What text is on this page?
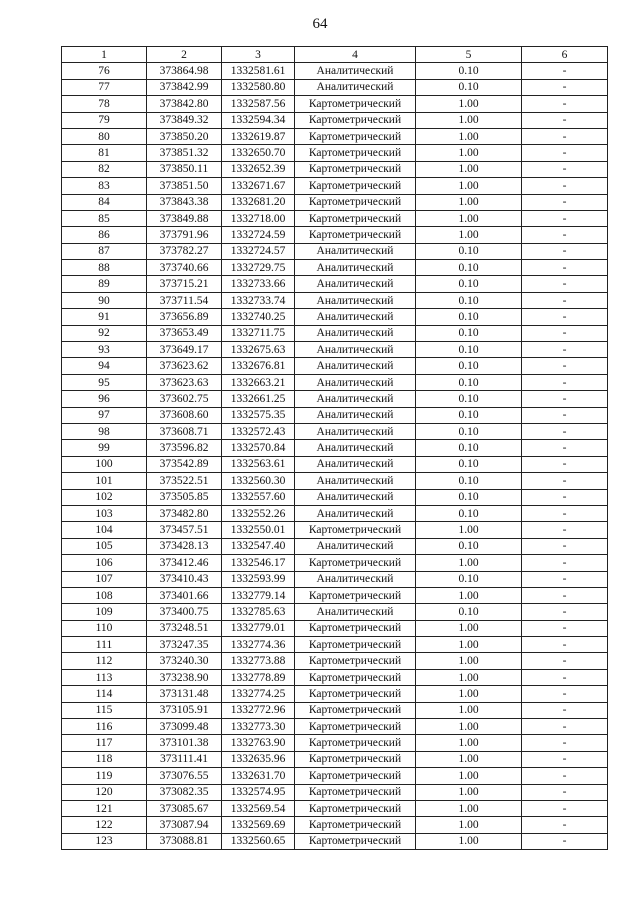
64
1	2	3	4	5	6
76	373864.98	1332581.61	Аналитический	0.10	-
77	373842.99	1332580.80	Аналитический	0.10	-
78	373842.80	1332587.56	Картометрический	1.00	-
79	373849.32	1332594.34	Картометрический	1.00	-
80	373850.20	1332619.87	Картометрический	1.00	-
81	373851.32	1332650.70	Картометрический	1.00	-
82	373850.11	1332652.39	Картометрический	1.00	-
83	373851.50	1332671.67	Картометрический	1.00	-
84	373843.38	1332681.20	Картометрический	1.00	-
85	373849.88	1332718.00	Картометрический	1.00	-
86	373791.96	1332724.59	Картометрический	1.00	-
87	373782.27	1332724.57	Аналитический	0.10	-
88	373740.66	1332729.75	Аналитический	0.10	-
89	373715.21	1332733.66	Аналитический	0.10	-
90	373711.54	1332733.74	Аналитический	0.10	-
91	373656.89	1332740.25	Аналитический	0.10	-
92	373653.49	1332711.75	Аналитический	0.10	-
93	373649.17	1332675.63	Аналитический	0.10	-
94	373623.62	1332676.81	Аналитический	0.10	-
95	373623.63	1332663.21	Аналитический	0.10	-
96	373602.75	1332661.25	Аналитический	0.10	-
97	373608.60	1332575.35	Аналитический	0.10	-
98	373608.71	1332572.43	Аналитический	0.10	-
99	373596.82	1332570.84	Аналитический	0.10	-
100	373542.89	1332563.61	Аналитический	0.10	-
101	373522.51	1332560.30	Аналитический	0.10	-
102	373505.85	1332557.60	Аналитический	0.10	-
103	373482.80	1332552.26	Аналитический	0.10	-
104	373457.51	1332550.01	Картометрический	1.00	-
105	373428.13	1332547.40	Аналитический	0.10	-
106	373412.46	1332546.17	Картометрический	1.00	-
107	373410.43	1332593.99	Аналитический	0.10	-
108	373401.66	1332779.14	Картометрический	1.00	-
109	373400.75	1332785.63	Аналитический	0.10	-
110	373248.51	1332779.01	Картометрический	1.00	-
111	373247.35	1332774.36	Картометрический	1.00	-
112	373240.30	1332773.88	Картометрический	1.00	-
113	373238.90	1332778.89	Картометрический	1.00	-
114	373131.48	1332774.25	Картометрический	1.00	-
115	373105.91	1332772.96	Картометрический	1.00	-
116	373099.48	1332773.30	Картометрический	1.00	-
117	373101.38	1332763.90	Картометрический	1.00	-
118	373111.41	1332635.96	Картометрический	1.00	-
119	373076.55	1332631.70	Картометрический	1.00	-
120	373082.35	1332574.95	Картометрический	1.00	-
121	373085.67	1332569.54	Картометрический	1.00	-
122	373087.94	1332569.69	Картометрический	1.00	-
123	373088.81	1332560.65	Картометрический	1.00	-
